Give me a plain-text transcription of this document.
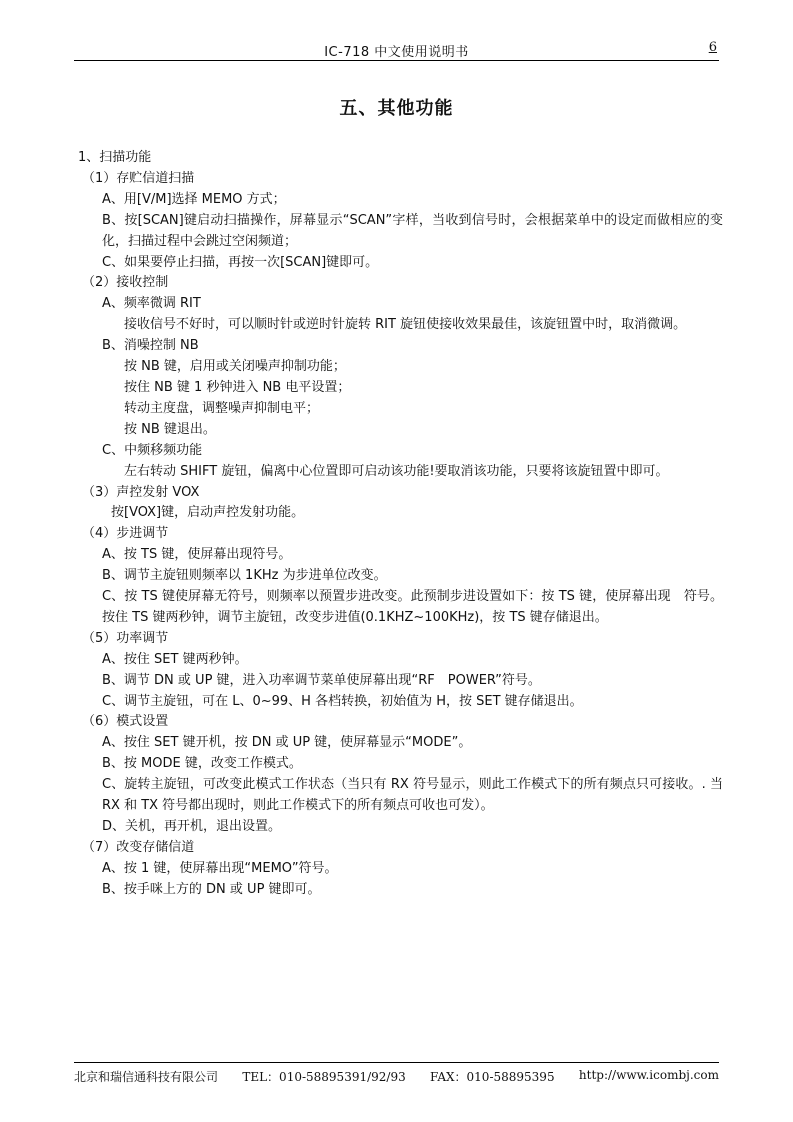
IC-718 中文使用说明书	6
五、其他功能
1、扫描功能
（1）存贮信道扫描
A、用[V/M]选择 MEMO 方式；
B、按[SCAN]键启动扫描操作，屏幕显示“SCAN”字样，当收到信号时，会根据菜单中的设定而做相应的变化，扫描过程中会跳过空闲频道；
C、如果要停止扫描，再按一次[SCAN]键即可。
（2）接收控制
A、频率微调 RIT
接收信号不好时，可以顺时针或逆时针旋转 RIT 旋钮使接收效果最佳，该旋钮置中时，取消微调。
B、消噪控制 NB
按 NB 键，启用或关闭噪声抑制功能；
按住 NB 键 1 秒钟进入 NB 电平设置；
转动主度盘，调整噪声抑制电平；
按 NB 键退出。
C、中频移频功能
左右转动 SHIFT 旋钮，偏离中心位置即可启动该功能!要取消该功能，只要将该旋钮置中即可。
（3）声控发射 VOX
按[VOX]键，启动声控发射功能。
（4）步进调节
A、按 TS 键，使屏幕出现符号。
B、调节主旋钮则频率以 1KHz 为步进单位改变。
C、按 TS 键使屏幕无符号，则频率以预置步进改变。此预制步进设置如下：按 TS 键，使屏幕出现　符号。按住 TS 键两秒钟，调节主旋钮，改变步进值(0.1KHZ~100KHz)，按 TS 键存储退出。
（5）功率调节
A、按住 SET 键两秒钟。
B、调节 DN 或 UP 键，进入功率调节菜单使屏幕出现“RF　POWER”符号。
C、调节主旋钮，可在 L、0~99、H 各档转换，初始值为 H，按 SET 键存储退出。
（6）模式设置
A、按住 SET 键开机，按 DN 或 UP 键，使屏幕显示“MODE”。
B、按 MODE 键，改变工作模式。
C、旋转主旋钮，可改变此模式工作状态（当只有 RX 符号显示，则此工作模式下的所有频点只可接收。. 当 RX 和 TX 符号都出现时，则此工作模式下的所有频点可收也可发）。
D、关机，再开机，退出设置。
（7）改变存储信道
A、按 1 键，使屏幕出现“MEMO”符号。
B、按手咪上方的 DN 或 UP 键即可。
北京和瑞信通科技有限公司 TEL：010-58895391/92/93 FAX：010-58895395 http://www.icombj.com
